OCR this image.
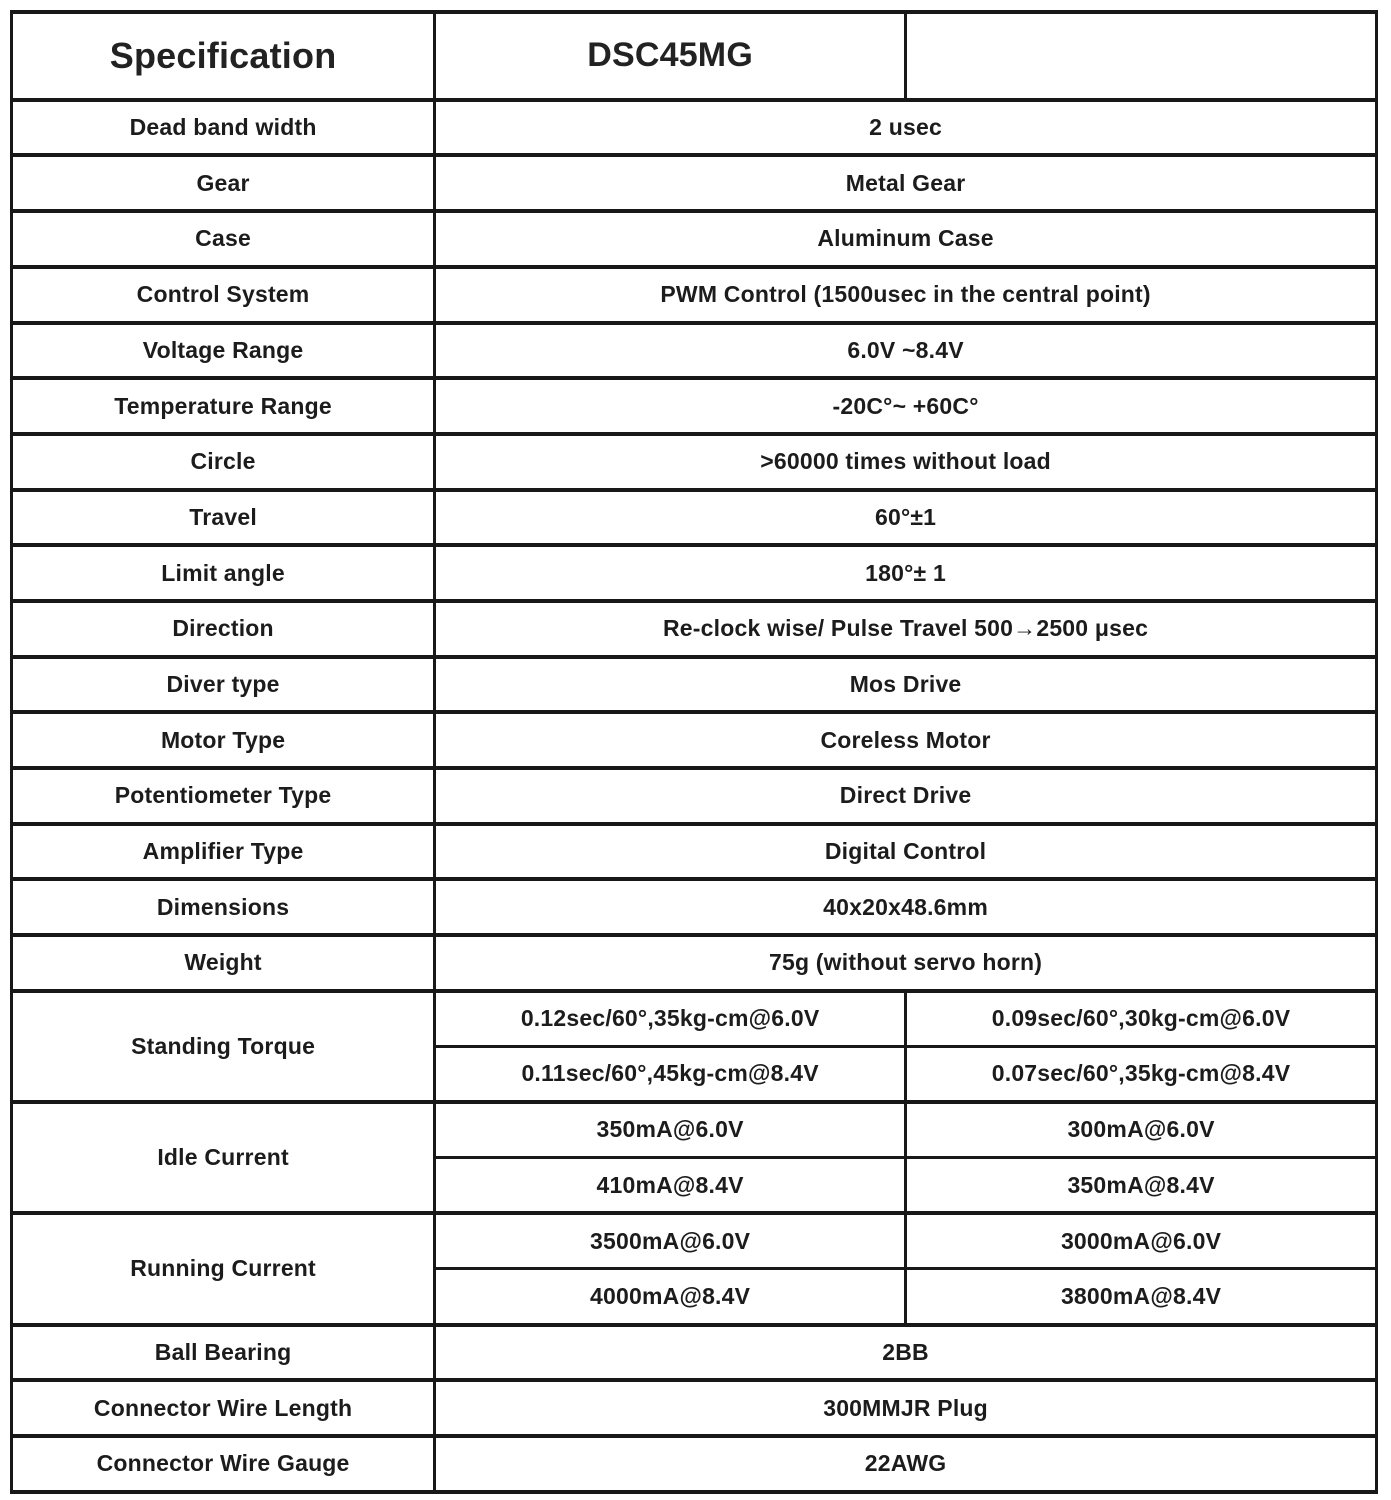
Specification	DSC45MG	
Dead band width	2 usec	
Gear	Metal Gear	
Case	Aluminum Case	
Control System	PWM Control (1500usec in the central point)	
Voltage Range	6.0V ~8.4V	
Temperature Range	-20C°~ +60C°	
Circle	>60000 times without load	
Travel	60°±1	
Limit angle	180°± 1	
Direction	Re-clock wise/ Pulse Travel 500→2500 μsec	
Diver type	Mos Drive	
Motor Type	Coreless Motor	
Potentiometer Type	Direct Drive	
Amplifier Type	Digital Control	
Dimensions	40x20x48.6mm	
Weight	75g (without servo horn)	
Standing Torque	0.12sec/60°,35kg-cm@6.0V	0.09sec/60°,30kg-cm@6.0V
	0.11sec/60°,45kg-cm@8.4V	0.07sec/60°,35kg-cm@8.4V
Idle Current	350mA@6.0V	300mA@6.0V
	410mA@8.4V	350mA@8.4V
Running Current	3500mA@6.0V	3000mA@6.0V
	4000mA@8.4V	3800mA@8.4V
Ball Bearing	2BB	
Connector Wire Length	300MMJR Plug	
Connector Wire Gauge	22AWG	
